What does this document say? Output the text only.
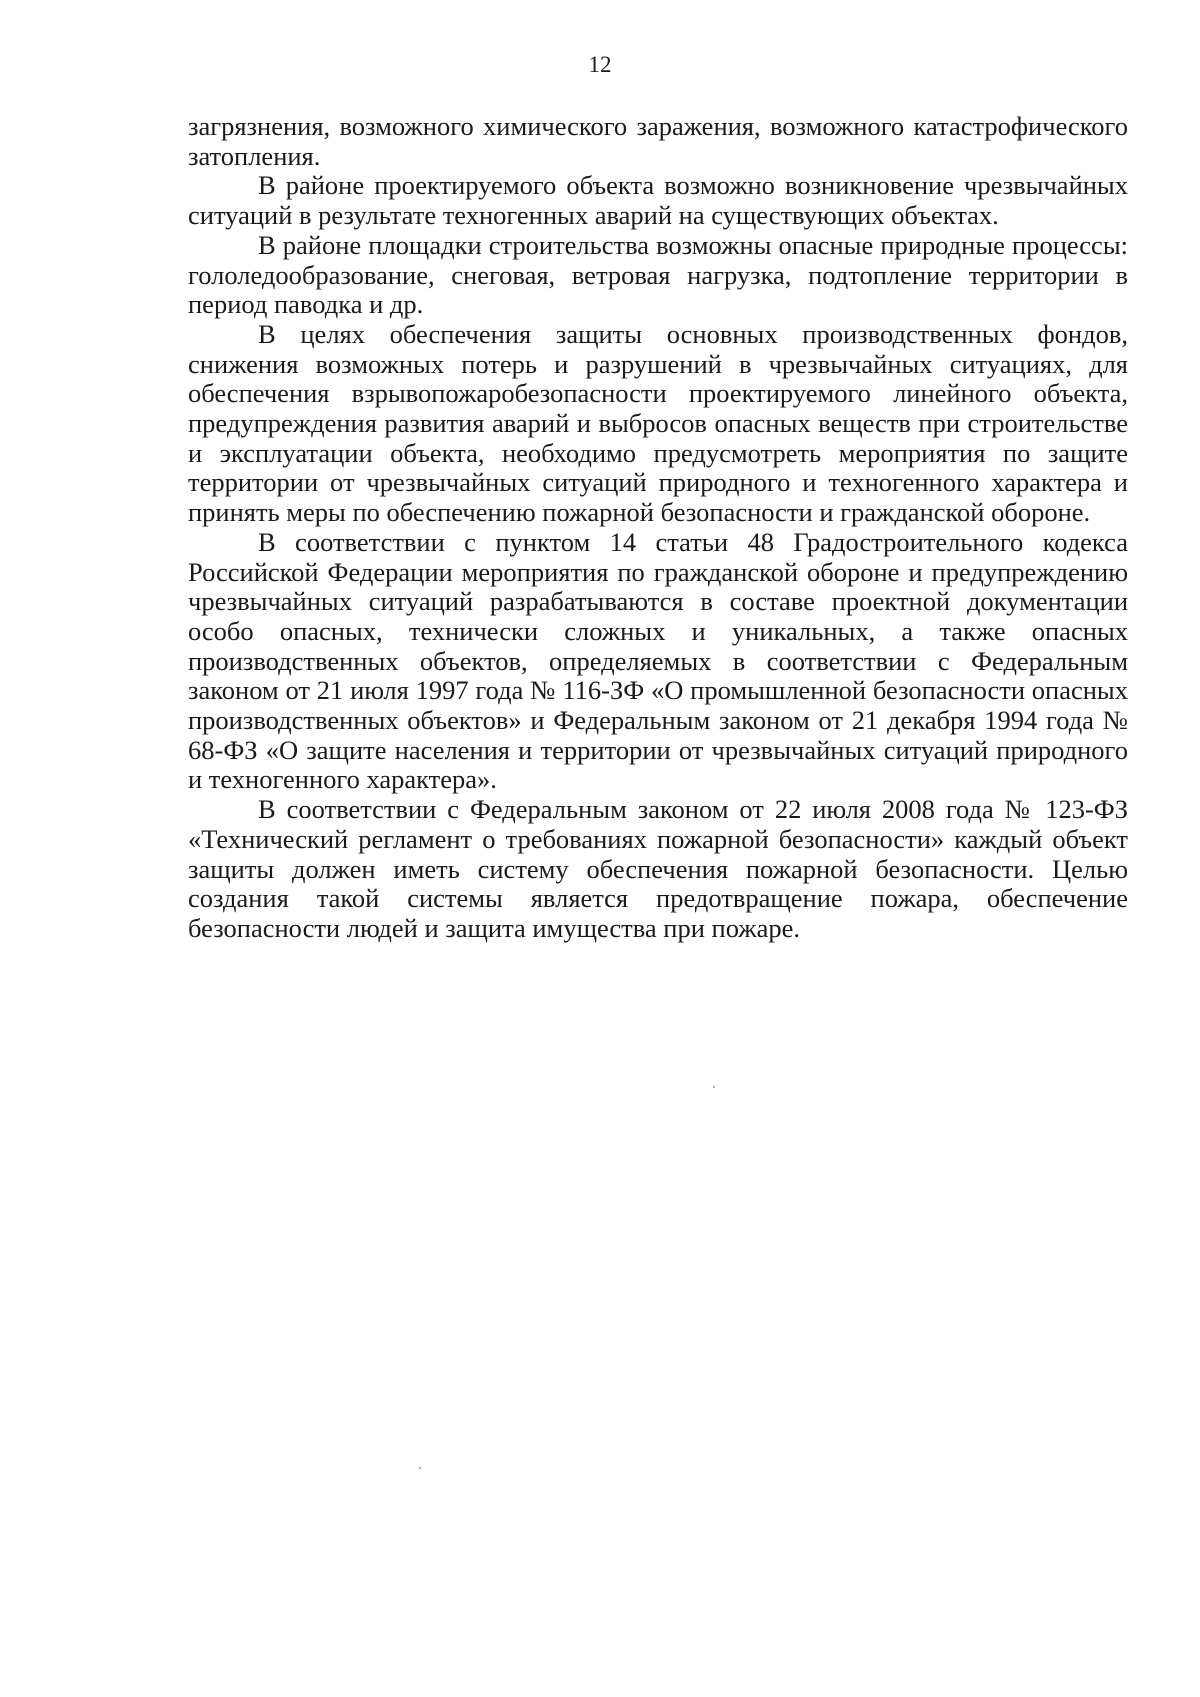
12

загрязнения, возможного химического заражения, возможного катастрофического затопления.

В районе проектируемого объекта возможно возникновение чрезвычайных ситуаций в результате техногенных аварий на существующих объектах.

В районе площадки строительства возможны опасные природные процессы: гололедообразование, снеговая, ветровая нагрузка, подтопление территории в период паводка и др.

В целях обеспечения защиты основных производственных фондов, снижения возможных потерь и разрушений в чрезвычайных ситуациях, для обеспечения взрывопожаробезопасности проектируемого линейного объекта, предупреждения развития аварий и выбросов опасных веществ при строительстве и эксплуатации объекта, необходимо предусмотреть мероприятия по защите территории от чрезвычайных ситуаций природного и техногенного характера и принять меры по обеспечению пожарной безопасности и гражданской обороне.

В соответствии с пунктом 14 статьи 48 Градостроительного кодекса Российской Федерации мероприятия по гражданской обороне и предупреждению чрезвычайных ситуаций разрабатываются в составе проектной документации особо опасных, технически сложных и уникальных, а также опасных производственных объектов, определяемых в соответствии с Федеральным законом от 21 июля 1997 года № 116-ЗФ «О промышленной безопасности опасных производственных объектов» и Федеральным законом от 21 декабря 1994 года № 68-ФЗ «О защите населения и территории от чрезвычайных ситуаций природного и техногенного характера».

В соответствии с Федеральным законом от 22 июля 2008 года № 123-ФЗ «Технический регламент о требованиях пожарной безопасности» каждый объект защиты должен иметь систему обеспечения пожарной безопасности. Целью создания такой системы является предотвращение пожара, обеспечение безопасности людей и защита имущества при пожаре.
